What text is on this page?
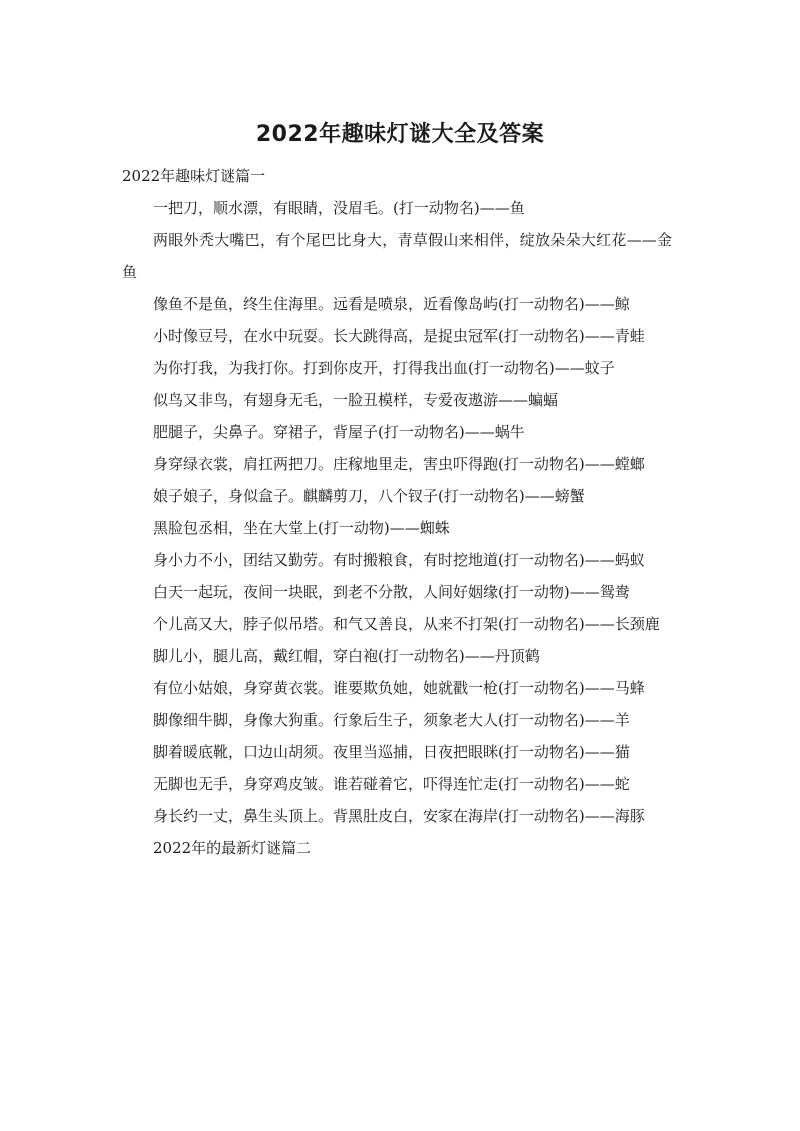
2022年趣味灯谜大全及答案

2022年趣味灯谜篇一

一把刀，顺水漂，有眼睛，没眉毛。(打一动物名)——鱼

两眼外秃大嘴巴，有个尾巴比身大，青草假山来相伴，绽放朵朵大红花——金鱼

像鱼不是鱼，终生住海里。远看是喷泉，近看像岛屿(打一动物名)——鲸

小时像豆号，在水中玩耍。长大跳得高，是捉虫冠军(打一动物名)——青蛙

为你打我，为我打你。打到你皮开，打得我出血(打一动物名)——蚊子

似鸟又非鸟，有翅身无毛，一脸丑模样，专爱夜遨游——蝙蝠

肥腿子，尖鼻子。穿裙子，背屋子(打一动物名)——蜗牛

身穿绿衣裳，肩扛两把刀。庄稼地里走，害虫吓得跑(打一动物名)——螳螂

娘子娘子，身似盒子。麒麟剪刀，八个钗子(打一动物名)——螃蟹

黑脸包丞相，坐在大堂上(打一动物)——蜘蛛

身小力不小，团结又勤劳。有时搬粮食，有时挖地道(打一动物名)——蚂蚁

白天一起玩，夜间一块眠，到老不分散，人间好姻缘(打一动物)——鸳鸯

个儿高又大，脖子似吊塔。和气又善良，从来不打架(打一动物名)——长颈鹿

脚儿小，腿儿高，戴红帽，穿白袍(打一动物名)——丹顶鹤

有位小姑娘，身穿黄衣裳。谁要欺负她，她就戳一枪(打一动物名)——马蜂

脚像细牛脚，身像大狗重。行象后生子，须象老大人(打一动物名)——羊

脚着暖底靴，口边山胡须。夜里当巡捕，日夜把眼眯(打一动物名)——猫

无脚也无手，身穿鸡皮皱。谁若碰着它，吓得连忙走(打一动物名)——蛇

身长约一丈，鼻生头顶上。背黑肚皮白，安家在海岸(打一动物名)——海豚

2022年的最新灯谜篇二
